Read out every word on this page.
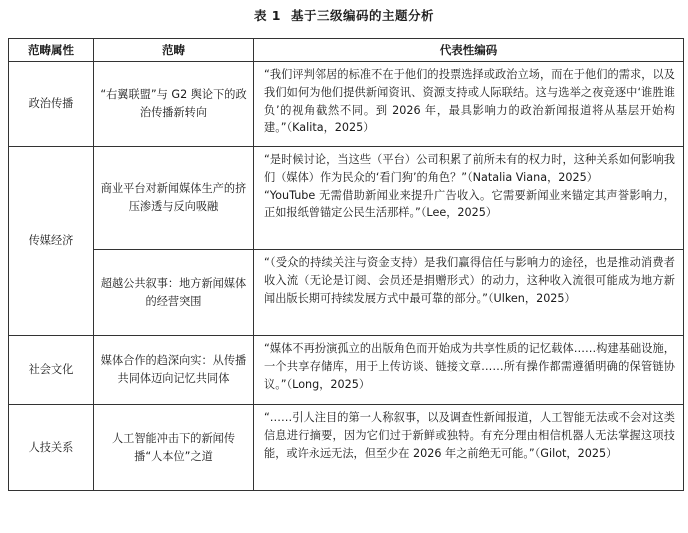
表 1 基于三级编码的主题分析
范畴属性	范畴	代表性编码
政治传播	“右翼联盟”与 G2 舆论下的政治传播新转向	“我们评判邻居的标准不在于他们的投票选择或政治立场，而在于他们的需求，以及我们如何为他们提供新闻资讯、资源支持或人际联结。这与选举之夜竞逐中‘谁胜谁负’的视角截然不同。到 2026 年，最具影响力的政治新闻报道将从基层开始构建。”（Kalita，2025）

传媒经济	商业平台对新闻媒体生产的挤压渗透与反向吸融	“是时候讨论，当这些（平台）公司积累了前所未有的权力时，这种关系如何影响我们（媒体）作为民众的‘看门狗’的角色？”（Natalia Viana，2025）
“YouTube 无需借助新闻业来提升广告收入。它需要新闻业来锚定其声誉影响力，正如报纸曾锚定公民生活那样。”（Lee，2025）

	超越公共叙事：地方新闻媒体的经营突围	“（受众的持续关注与资金支持）是我们赢得信任与影响力的途径，也是推动消费者收入流（无论是订阅、会员还是捐赠形式）的动力，这种收入流很可能成为地方新闻出版长期可持续发展方式中最可靠的部分。”（Ulken，2025）

社会文化	媒体合作的趋深向实：从传播共同体迈向记忆共同体	“媒体不再扮演孤立的出版角色而开始成为共享性质的记忆载体……构建基础设施，一个共享存储库，用于上传访谈、链接文章……所有操作都需遵循明确的保管链协议。”（Long，2025）

人技关系	人工智能冲击下的新闻传播“人本位”之道	“……引人注目的第一人称叙事，以及调查性新闻报道，人工智能无法或不会对这类信息进行摘要，因为它们过于新鲜或独特。有充分理由相信机器人无法掌握这项技能，或许永远无法，但至少在 2026 年之前绝无可能。”（Gilot，2025）
